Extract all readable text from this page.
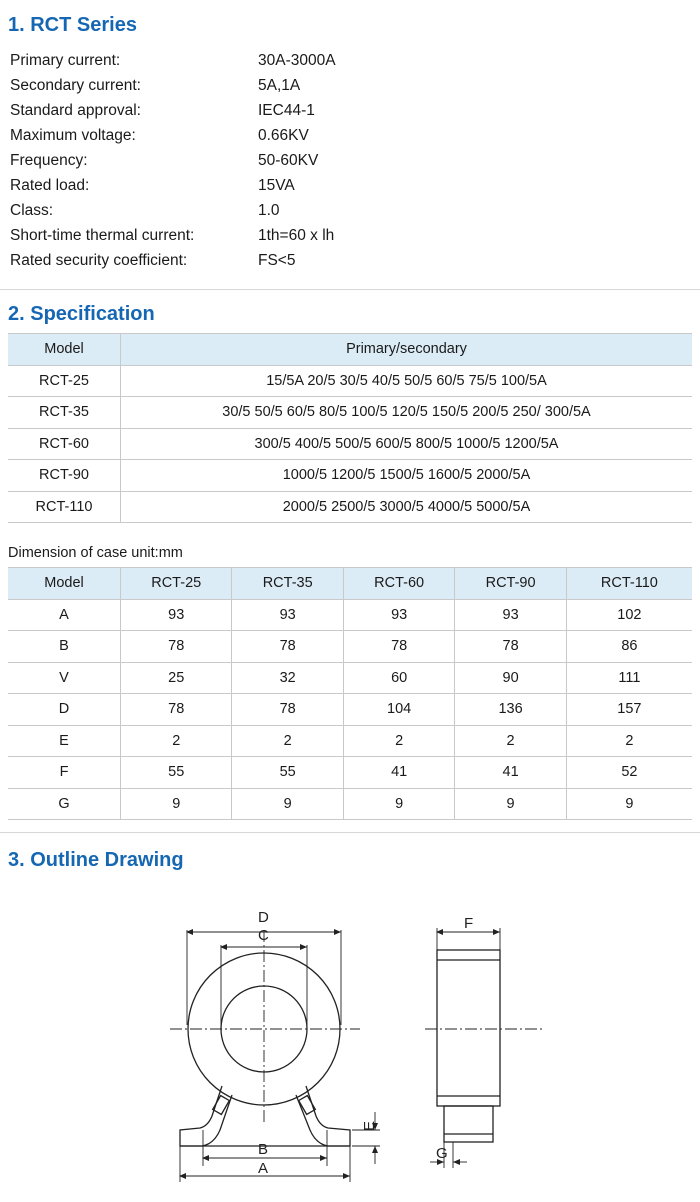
1. RCT Series
Primary current:	30A-3000A
Secondary current:	5A,1A
Standard approval:	IEC44-1
Maximum voltage:	0.66KV
Frequency:	50-60KV
Rated load:	15VA
Class:	1.0
Short-time thermal current:	1th=60 x lh
Rated security coefficient:	FS<5
2. Specification
Model	Primary/secondary
RCT-25	15/5A 20/5 30/5 40/5 50/5 60/5 75/5 100/5A
RCT-35	30/5 50/5 60/5 80/5 100/5 120/5 150/5 200/5 250/ 300/5A
RCT-60	300/5 400/5 500/5 600/5 800/5 1000/5 1200/5A
RCT-90	1000/5 1200/5 1500/5 1600/5 2000/5A
RCT-110	2000/5 2500/5 3000/5 4000/5 5000/5A
Dimension of case unit:mm
Model	RCT-25	RCT-35	RCT-60	RCT-90	RCT-110
A	93	93	93	93	102
B	78	78	78	78	86
V	25	32	60	90	111
D	78	78	104	136	157
E	2	2	2	2	2
F	55	55	41	41	52
G	9	9	9	9	9
3. Outline Drawing
D
C
B
A
E
F
G
